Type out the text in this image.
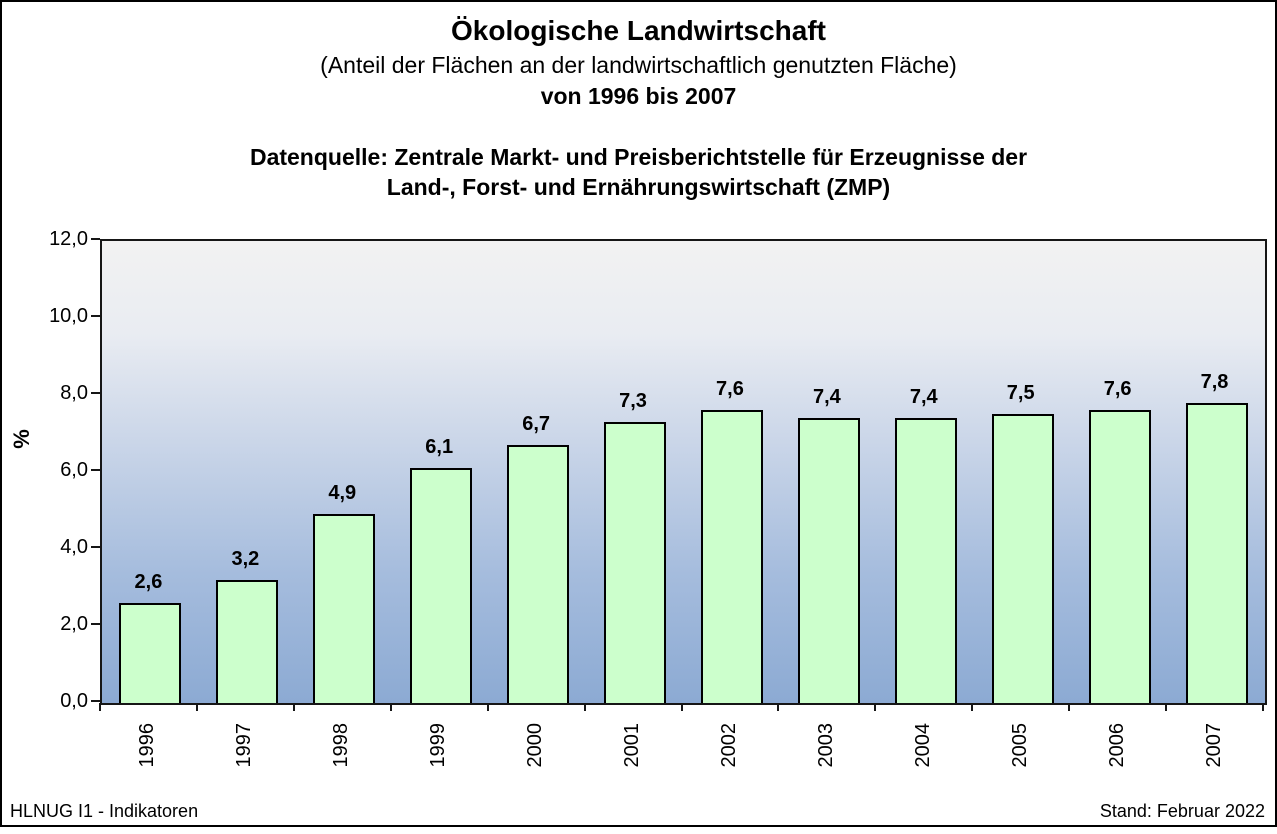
Ökologische Landwirtschaft
(Anteil der Flächen an der landwirtschaftlich genutzten Fläche)
von 1996 bis 2007
Datenquelle: Zentrale Markt- und Preisberichtstelle für Erzeugnisse der
Land-, Forst- und Ernährungswirtschaft (ZMP)
%
12,0
10,0
8,0
6,0
4,0
2,0
0,0
2,6
1996
3,2
1997
4,9
1998
6,1
1999
6,7
2000
7,3
2001
7,6
2002
7,4
2003
7,4
2004
7,5
2005
7,6
2006
7,8
2007
HLNUG I1 - Indikatoren	Stand: Februar 2022
